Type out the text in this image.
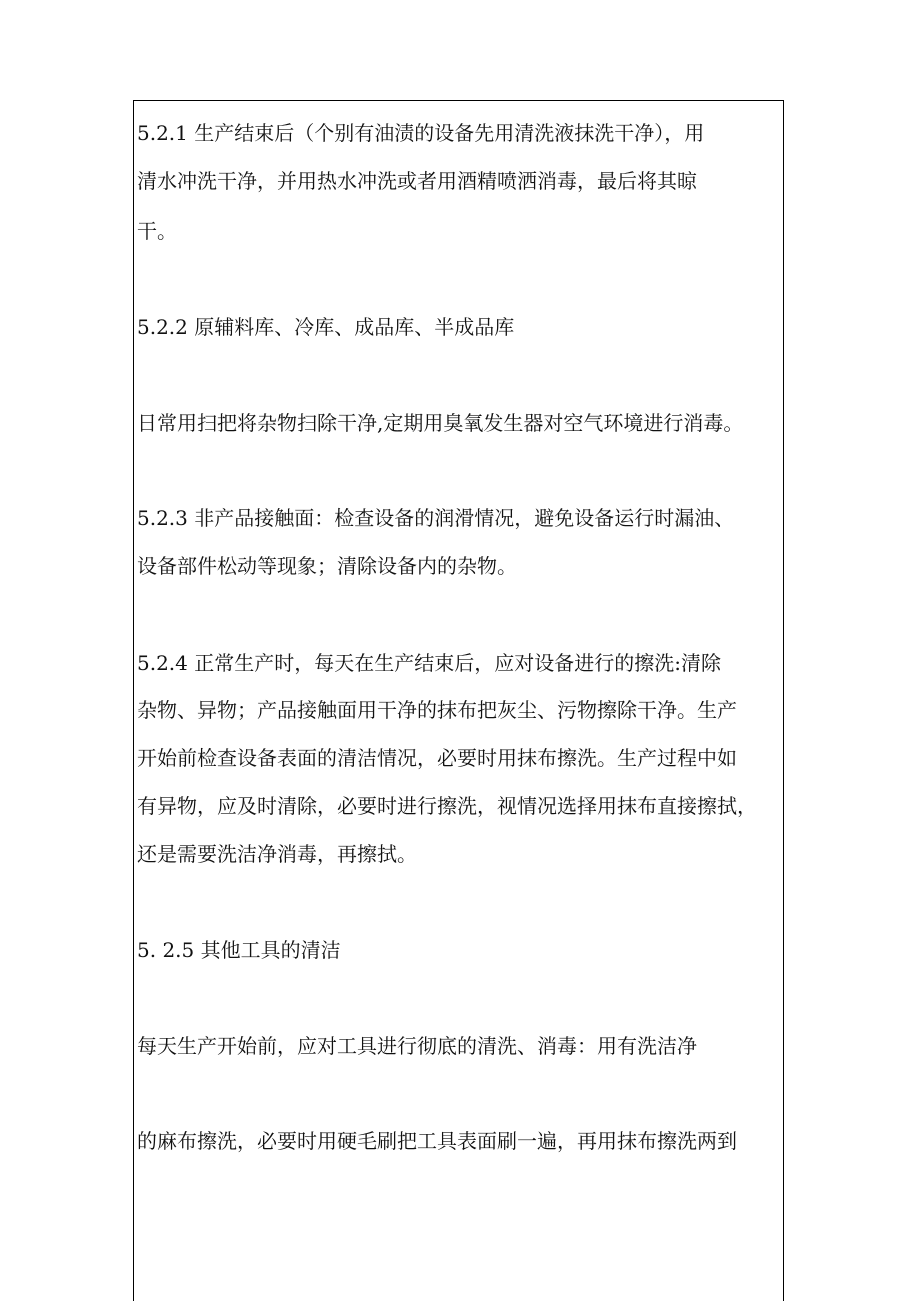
5.2.1 生产结束后（个别有油渍的设备先用清洗液抹洗干净），用
清水冲洗干净，并用热水冲洗或者用酒精喷洒消毒，最后将其晾
干。
5.2.2 原辅料库、冷库、成品库、半成品库
日常用扫把将杂物扫除干净,定期用臭氧发生器对空气环境进行消毒。
5.2.3 非产品接触面：检查设备的润滑情况，避免设备运行时漏油、
设备部件松动等现象；清除设备内的杂物。
5.2.4 正常生产时，每天在生产结束后，应对设备进行的擦洗:清除
杂物、异物；产品接触面用干净的抹布把灰尘、污物擦除干净。生产
开始前检查设备表面的清洁情况，必要时用抹布擦洗。生产过程中如
有异物，应及时清除，必要时进行擦洗，视情况选择用抹布直接擦拭，
还是需要洗洁净消毒，再擦拭。
5. 2.5 其他工具的清洁
每天生产开始前，应对工具进行彻底的清洗、消毒：用有洗洁净
的麻布擦洗，必要时用硬毛刷把工具表面刷一遍，再用抹布擦洗两到
